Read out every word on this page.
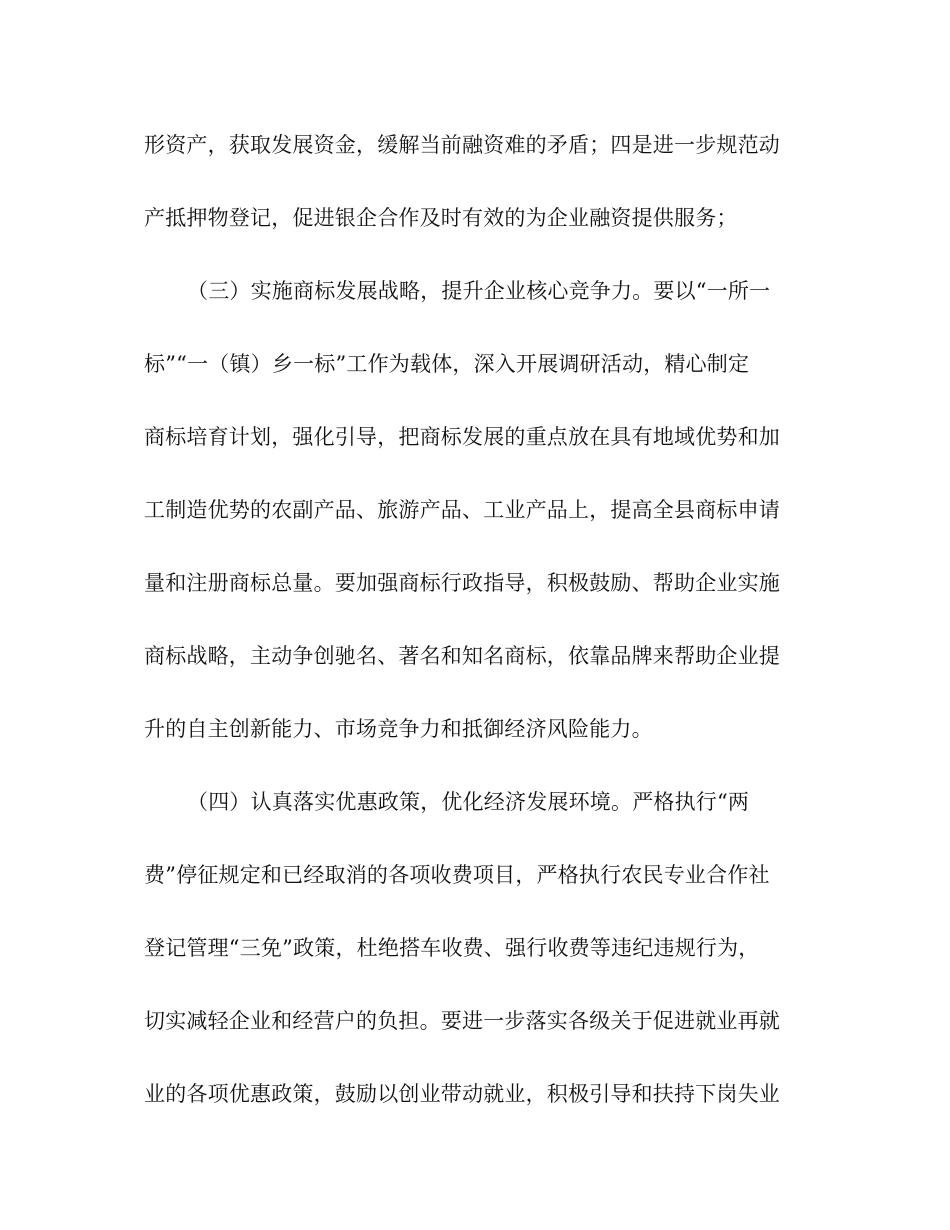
形资产，获取发展资金，缓解当前融资难的矛盾；四是进一步规范动
产抵押物登记，促进银企合作及时有效的为企业融资提供服务；
（三）实施商标发展战略，提升企业核心竞争力。要以“一所一
标”“一（镇）乡一标”工作为载体，深入开展调研活动，精心制定
商标培育计划，强化引导，把商标发展的重点放在具有地域优势和加
工制造优势的农副产品、旅游产品、工业产品上，提高全县商标申请
量和注册商标总量。要加强商标行政指导，积极鼓励、帮助企业实施
商标战略，主动争创驰名、著名和知名商标，依靠品牌来帮助企业提
升的自主创新能力、市场竞争力和抵御经济风险能力。
（四）认真落实优惠政策，优化经济发展环境。严格执行“两
费”停征规定和已经取消的各项收费项目，严格执行农民专业合作社
登记管理“三免”政策，杜绝搭车收费、强行收费等违纪违规行为，
切实减轻企业和经营户的负担。要进一步落实各级关于促进就业再就
业的各项优惠政策，鼓励以创业带动就业，积极引导和扶持下岗失业
